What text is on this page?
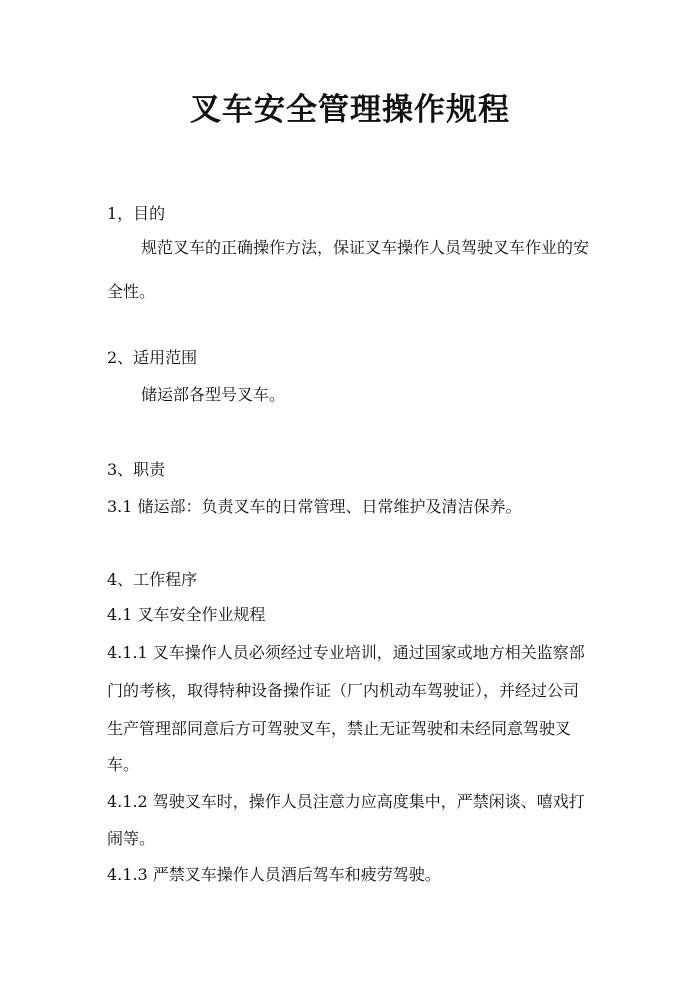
叉车安全管理操作规程

1，目的

规范叉车的正确操作方法，保证叉车操作人员驾驶叉车作业的安

全性。

2、适用范围

储运部各型号叉车。

3、职责

3.1 储运部：负责叉车的日常管理、日常维护及清洁保养。

4、工作程序

4.1 叉车安全作业规程

4.1.1 叉车操作人员必须经过专业培训，通过国家或地方相关监察部

门的考核，取得特种设备操作证（厂内机动车驾驶证），并经过公司

生产管理部同意后方可驾驶叉车，禁止无证驾驶和未经同意驾驶叉

车。

4.1.2 驾驶叉车时，操作人员注意力应高度集中，严禁闲谈、嘻戏打

闹等。

4.1.3 严禁叉车操作人员酒后驾车和疲劳驾驶。
